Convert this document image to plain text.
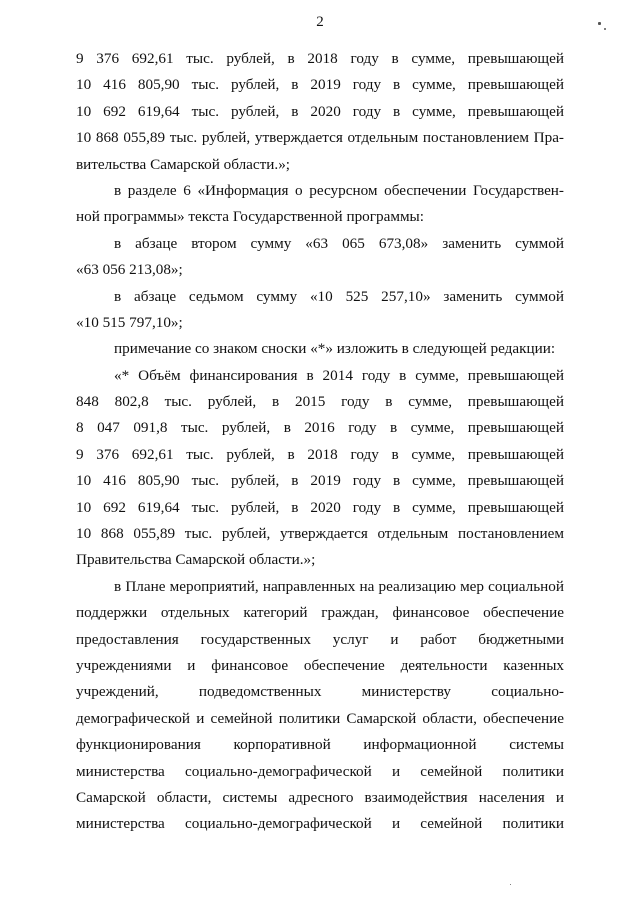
2
9 376 692,61 тыс. рублей, в 2018 году в сумме, превышающей
10 416 805,90 тыс. рублей, в 2019 году в сумме, превышающей
10 692 619,64 тыс. рублей, в 2020 году в сумме, превышающей
10 868 055,89 тыс. рублей, утверждается отдельным постановлением Пра-
вительства Самарской области.»;
в разделе 6 «Информация о ресурсном обеспечении Государствен-
ной программы» текста Государственной программы:
в абзаце втором сумму «63 065 673,08» заменить суммой
«63 056 213,08»;
в абзаце седьмом сумму «10 525 257,10» заменить суммой
«10 515 797,10»;
примечание со знаком сноски «*» изложить в следующей редакции:
«* Объём финансирования в 2014 году в сумме, превышающей
848 802,8 тыс. рублей, в 2015 году в сумме, превышающей
8 047 091,8 тыс. рублей, в 2016 году в сумме, превышающей
9 376 692,61 тыс. рублей, в 2018 году в сумме, превышающей
10 416 805,90 тыс. рублей, в 2019 году в сумме, превышающей
10 692 619,64 тыс. рублей, в 2020 году в сумме, превышающей
10 868 055,89 тыс. рублей, утверждается отдельным постановлением
Правительства Самарской области.»;
в Плане мероприятий, направленных на реализацию мер социальной
поддержки отдельных категорий граждан, финансовое обеспечение
предоставления государственных услуг и работ бюджетными
учреждениями и финансовое обеспечение деятельности казенных
учреждений, подведомственных министерству социально-
демографической и семейной политики Самарской области, обеспечение
функционирования корпоративной информационной системы
министерства социально-демографической и семейной политики
Самарской области, системы адресного взаимодействия населения и
министерства социально-демографической и семейной политики
